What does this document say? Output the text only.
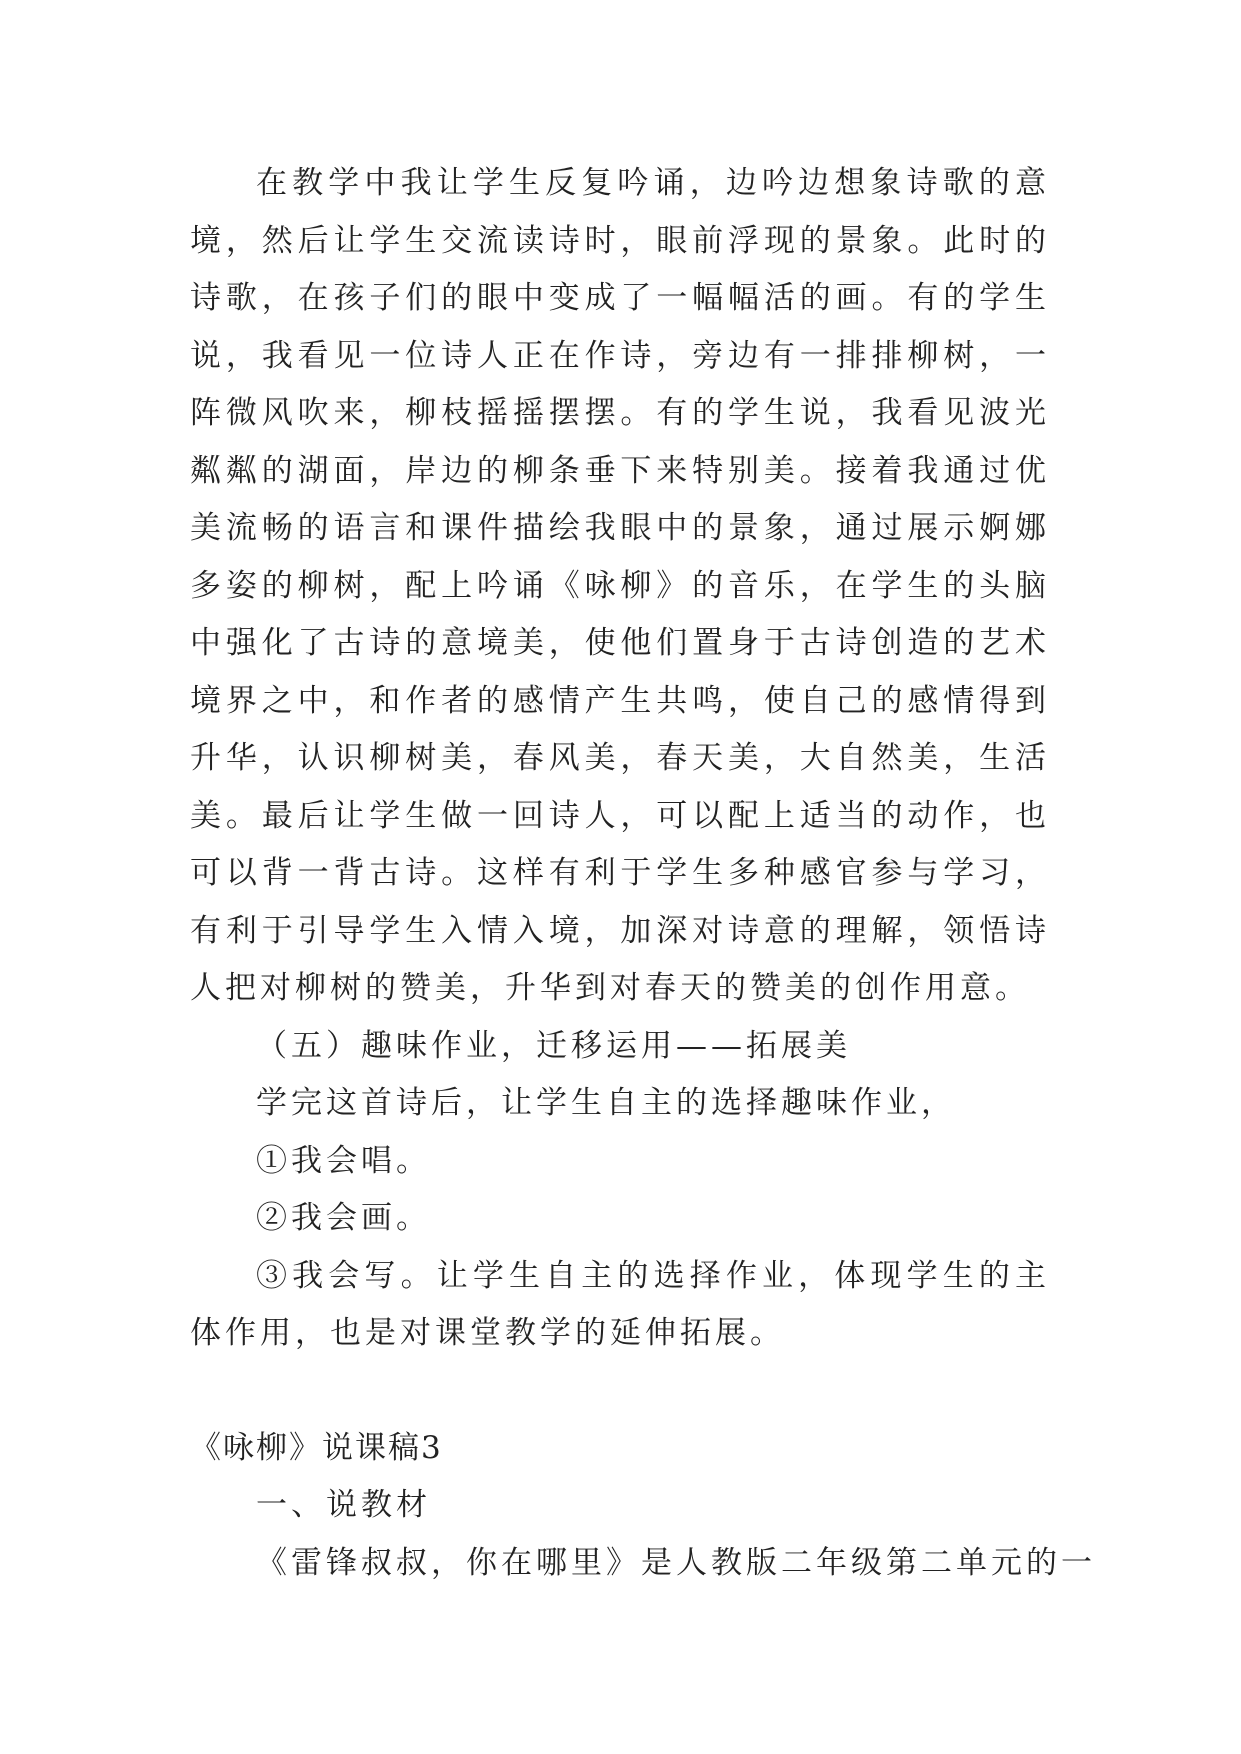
在教学中我让学生反复吟诵，边吟边想象诗歌的意境，然后让学生交流读诗时，眼前浮现的景象。此时的诗歌，在孩子们的眼中变成了一幅幅活的画。有的学生说，我看见一位诗人正在作诗，旁边有一排排柳树，一阵微风吹来，柳枝摇摇摆摆。有的学生说，我看见波光粼粼的湖面，岸边的柳条垂下来特别美。接着我通过优美流畅的语言和课件描绘我眼中的景象，通过展示婀娜多姿的柳树，配上吟诵《咏柳》的音乐，在学生的头脑中强化了古诗的意境美，使他们置身于古诗创造的艺术境界之中，和作者的感情产生共鸣，使自己的感情得到升华，认识柳树美，春风美，春天美，大自然美，生活美。最后让学生做一回诗人，可以配上适当的动作，也可以背一背古诗。这样有利于学生多种感官参与学习，有利于引导学生入情入境，加深对诗意的理解，领悟诗人把对柳树的赞美，升华到对春天的赞美的创作用意。

（五）趣味作业，迁移运用——拓展美

学完这首诗后，让学生自主的选择趣味作业，

①我会唱。

②我会画。

③我会写。让学生自主的选择作业，体现学生的主体作用，也是对课堂教学的延伸拓展。

《咏柳》说课稿3

一、说教材

《雷锋叔叔，你在哪里》是人教版二年级第二单元的一
